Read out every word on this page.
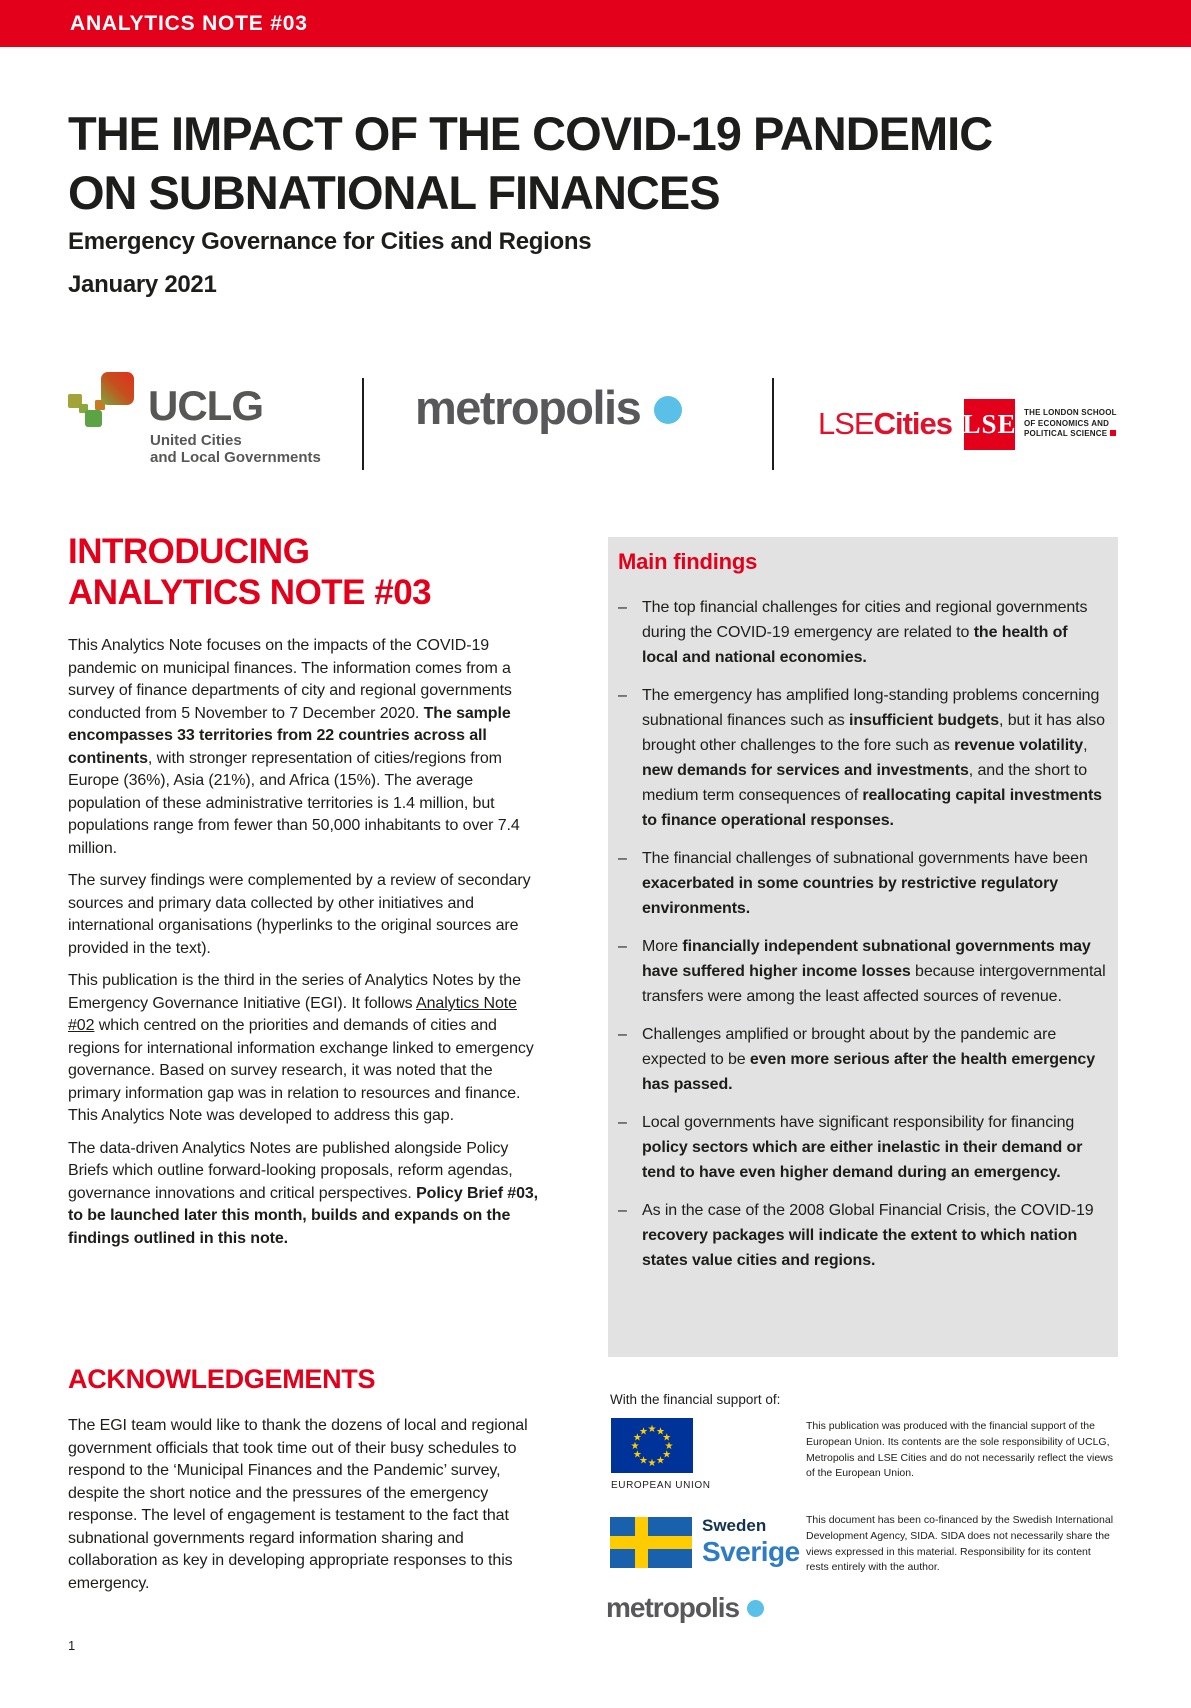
ANALYTICS NOTE #03
THE IMPACT OF THE COVID-19 PANDEMIC
ON SUBNATIONAL FINANCES
Emergency Governance for Cities and Regions
January 2021
UCLG
United Cities
and Local Governments
metropolis	LSECities LSE THE LONDON SCHOOL
OF ECONOMICS AND
POLITICAL SCIENCE
INTRODUCING
ANALYTICS NOTE #03
This Analytics Note focuses on the impacts of the COVID-19 pandemic on municipal finances. The information comes from a survey of finance departments of city and regional governments conducted from 5 November to 7 December 2020. The sample encompasses 33 territories from 22 countries across all continents, with stronger representation of cities/regions from Europe (36%), Asia (21%), and Africa (15%). The average population of these administrative territories is 1.4 million, but populations range from fewer than 50,000 inhabitants to over 7.4 million.
The survey findings were complemented by a review of secondary sources and primary data collected by other initiatives and international organisations (hyperlinks to the original sources are provided in the text).
This publication is the third in the series of Analytics Notes by the Emergency Governance Initiative (EGI). It follows Analytics Note #02 which centred on the priorities and demands of cities and regions for international information exchange linked to emergency governance. Based on survey research, it was noted that the primary information gap was in relation to resources and finance. This Analytics Note was developed to address this gap.
The data-driven Analytics Notes are published alongside Policy Briefs which outline forward-looking proposals, reform agendas, governance innovations and critical perspectives. Policy Brief #03, to be launched later this month, builds and expands on the findings outlined in this note.
ACKNOWLEDGEMENTS
The EGI team would like to thank the dozens of local and regional government officials that took time out of their busy schedules to respond to the ‘Municipal Finances and the Pandemic’ survey, despite the short notice and the pressures of the emergency response. The level of engagement is testament to the fact that subnational governments regard information sharing and collaboration as key in developing appropriate responses to this emergency.
Main findings
– The top financial challenges for cities and regional governments during the COVID-19 emergency are related to the health of local and national economies.
– The emergency has amplified long-standing problems concerning subnational finances such as insufficient budgets, but it has also brought other challenges to the fore such as revenue volatility, new demands for services and investments, and the short to medium term consequences of reallocating capital investments to finance operational responses.
– The financial challenges of subnational governments have been exacerbated in some countries by restrictive regulatory environments.
– More financially independent subnational governments may have suffered higher income losses because intergovernmental transfers were among the least affected sources of revenue.
– Challenges amplified or brought about by the pandemic are expected to be even more serious after the health emergency has passed.
– Local governments have significant responsibility for financing policy sectors which are either inelastic in their demand or tend to have even higher demand during an emergency.
– As in the case of the 2008 Global Financial Crisis, the COVID-19 recovery packages will indicate the extent to which nation states value cities and regions.
With the financial support of:
★ ★
★
★
★
★
★
★
★
★
★
★
EUROPEAN UNION
This publication was produced with the financial support of the European Union. Its contents are the sole responsibility of UCLG, Metropolis and LSE Cities and do not necessarily reflect the views of the European Union.
Sweden
Sverige
This document has been co-financed by the Swedish International Development Agency, SIDA. SIDA does not necessarily share the views expressed in this material. Responsibility for its content rests entirely with the author.
metropolis
1
